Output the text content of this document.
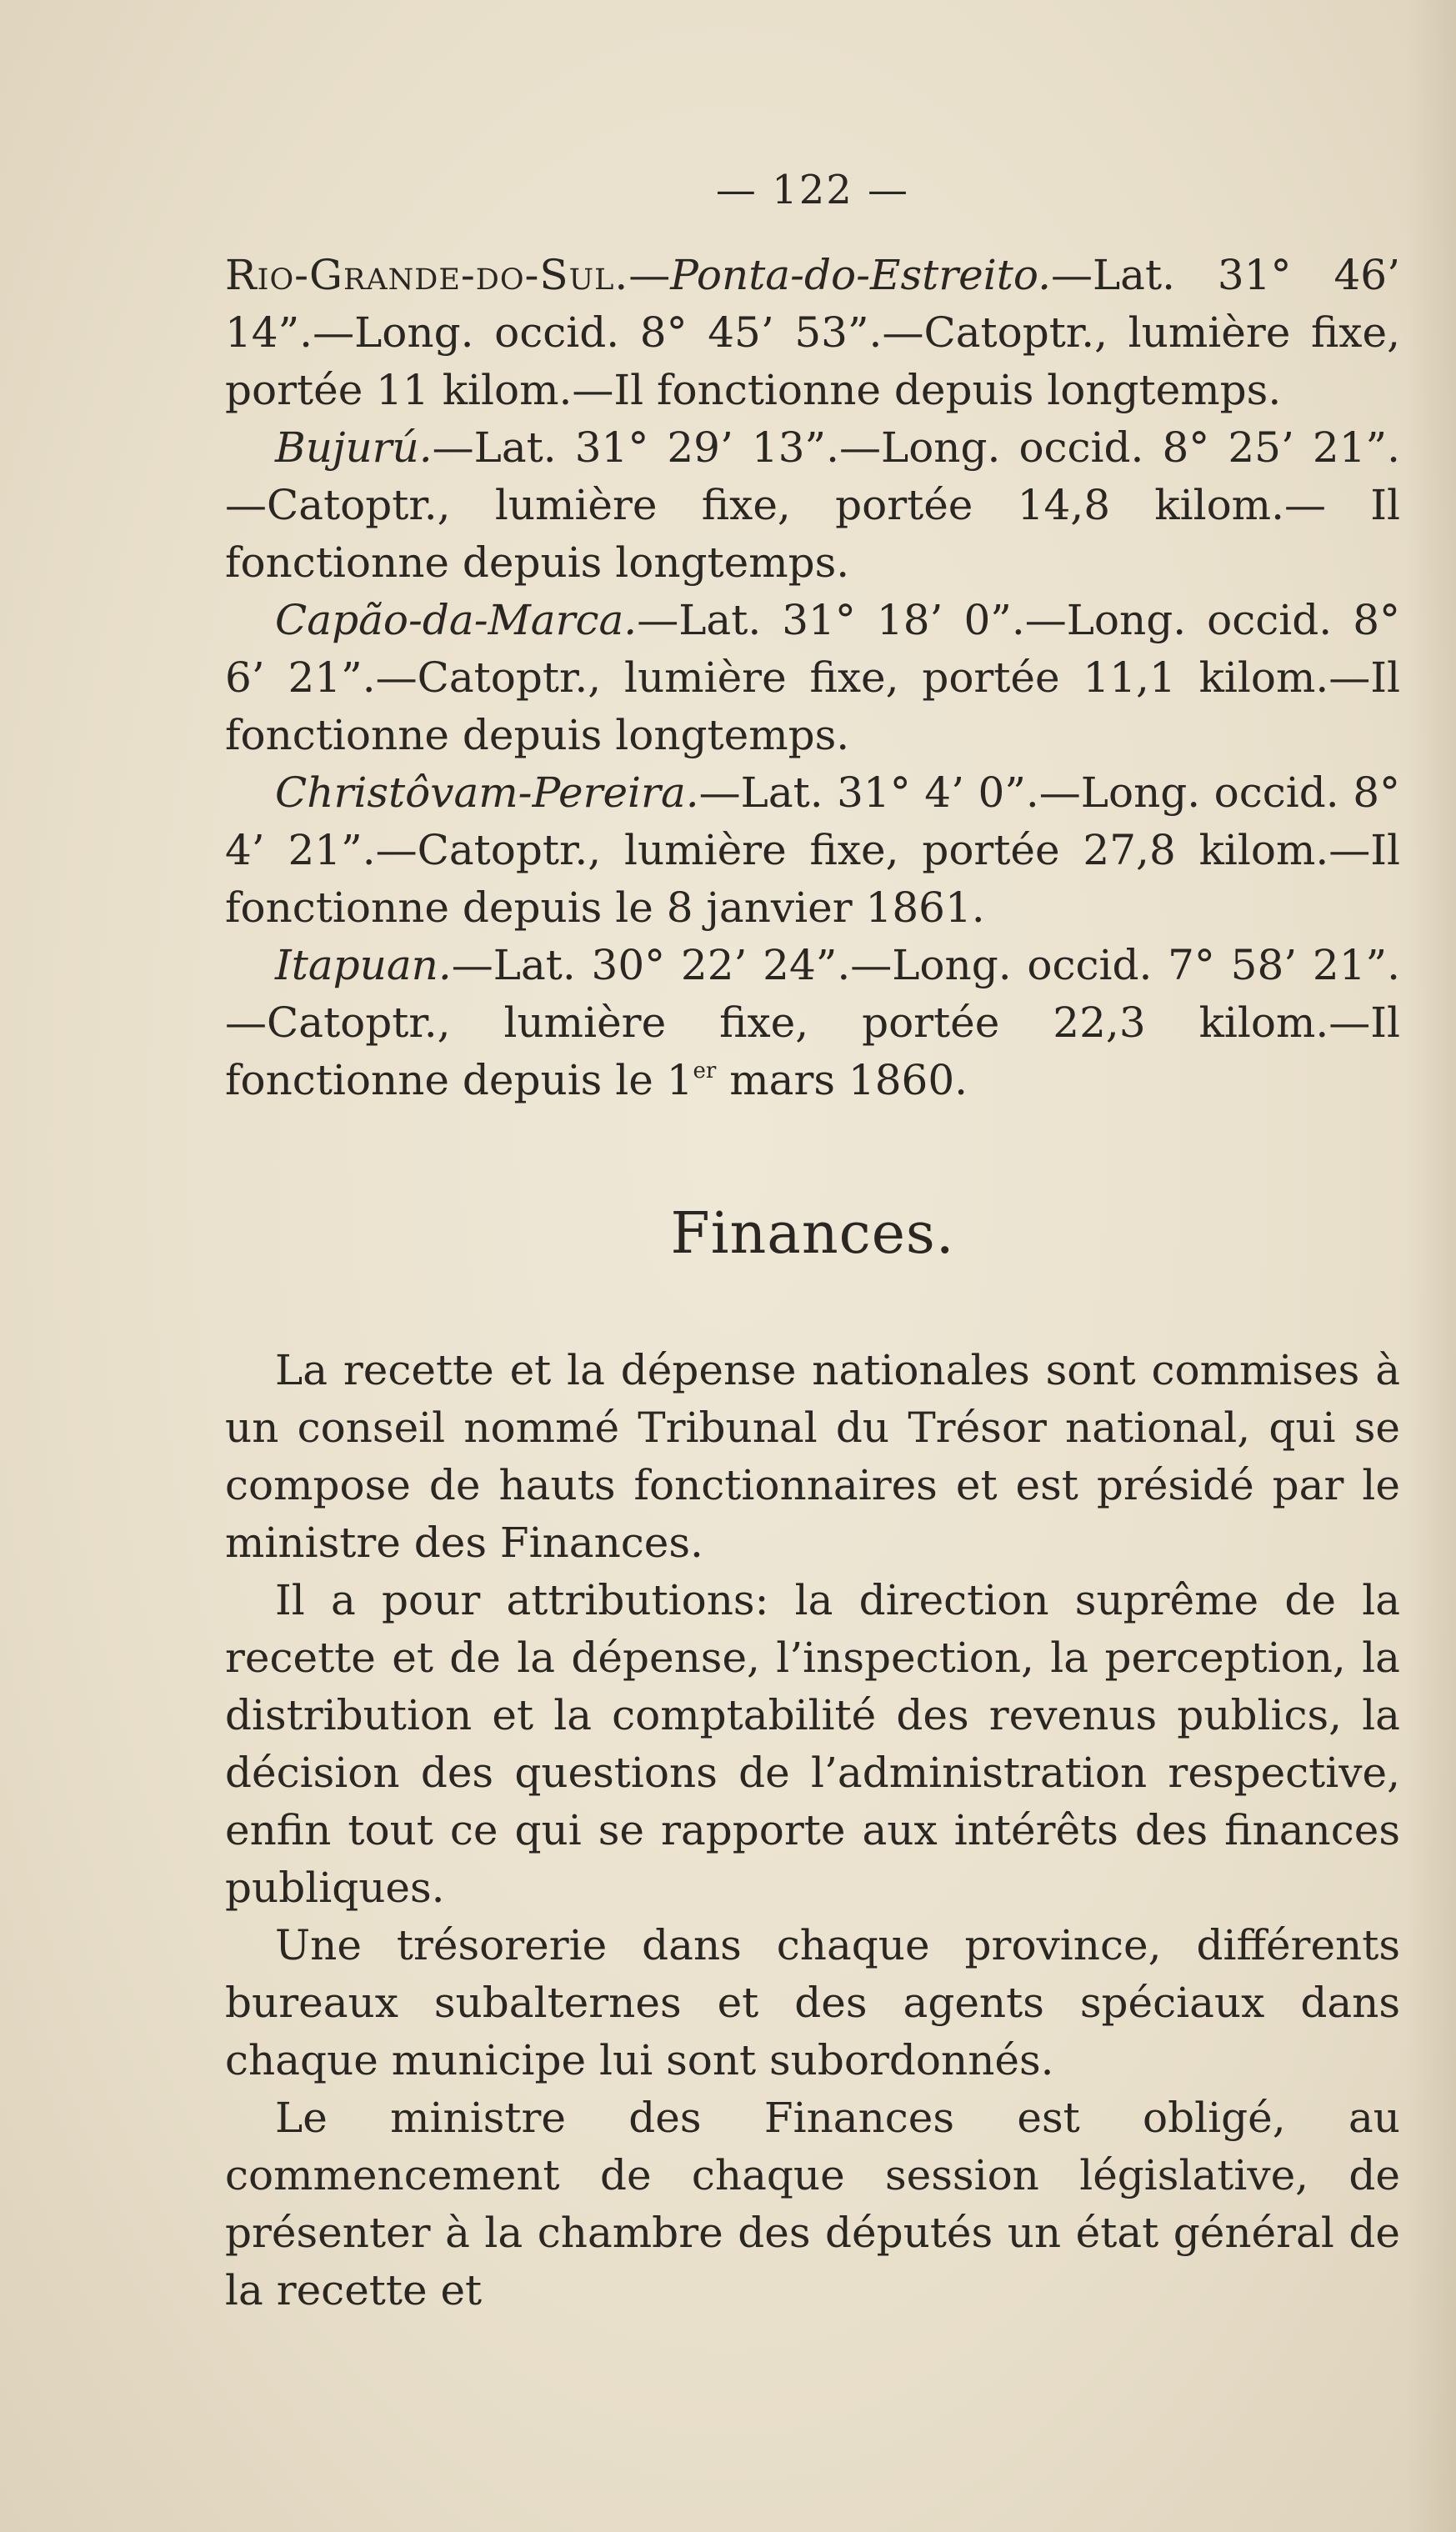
— 122 —

Rio-Grande-do-Sul.—Ponta-do-Estreito.—Lat. 31° 46’ 14”.—Long. occid. 8° 45’ 53”.—Catoptr., lumière fixe, portée 11 kilom.—Il fonctionne depuis longtemps.

Bujurú.—Lat. 31° 29’ 13”.—Long. occid. 8° 25’ 21”.—Catoptr., lumière fixe, portée 14,8 kilom.— Il fonctionne depuis longtemps.

Capão-da-Marca.—Lat. 31° 18’ 0”.—Long. occid. 8° 6’ 21”.—Catoptr., lumière fixe, portée 11,1 kilom.—Il fonctionne depuis longtemps.

Christôvam-Pereira.—Lat. 31° 4’ 0”.—Long. occid. 8° 4’ 21”.—Catoptr., lumière fixe, portée 27,8 kilom.—Il fonctionne depuis le 8 janvier 1861.

Itapuan.—Lat. 30° 22’ 24”.—Long. occid. 7° 58’ 21”. —Catoptr., lumière fixe, portée 22,3 kilom.—Il fonctionne depuis le 1er mars 1860.

Finances.

La recette et la dépense nationales sont commises à un conseil nommé Tribunal du Trésor national, qui se compose de hauts fonctionnaires et est présidé par le ministre des Finances.

Il a pour attributions: la direction suprême de la recette et de la dépense, l’inspection, la perception, la distribution et la comptabilité des revenus publics, la décision des questions de l’administration respective, enfin tout ce qui se rapporte aux intérêts des finances publiques.

Une trésorerie dans chaque province, différents bureaux subalternes et des agents spéciaux dans chaque municipe lui sont subordonnés.

Le ministre des Finances est obligé, au commencement de chaque session législative, de présenter à la chambre des députés un état général de la recette et
